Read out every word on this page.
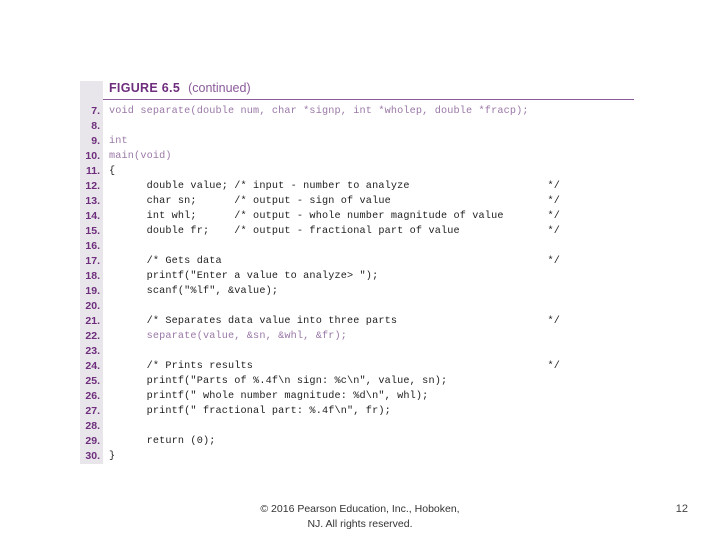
FIGURE 6.5 (continued)
7. void separate(double num, char *signp, int *wholep, double *fracp);
8.
9. int
10. main(void)
11. {
12. double value; /* input - number to analyze                      */
13. char sn;      /* output - sign of value                         */
14. int whl;      /* output - whole number magnitude of value       */
15. double fr;    /* output - fractional part of value              */
16.
17. /* Gets data                                                    */
18. printf("Enter a value to analyze> ");
19. scanf("%lf", &value);
20.
21. /* Separates data value into three parts                        */
22. separate(value, &sn, &whl, &fr);
23.
24. /* Prints results                                               */
25. printf("Parts of %.4f\n sign: %c\n", value, sn);
26. printf(" whole number magnitude: %d\n", whl);
27. printf(" fractional part: %.4f\n", fr);
28.
29. return (0);
30. }
© 2016 Pearson Education, Inc., Hoboken,
NJ. All rights reserved.
12
